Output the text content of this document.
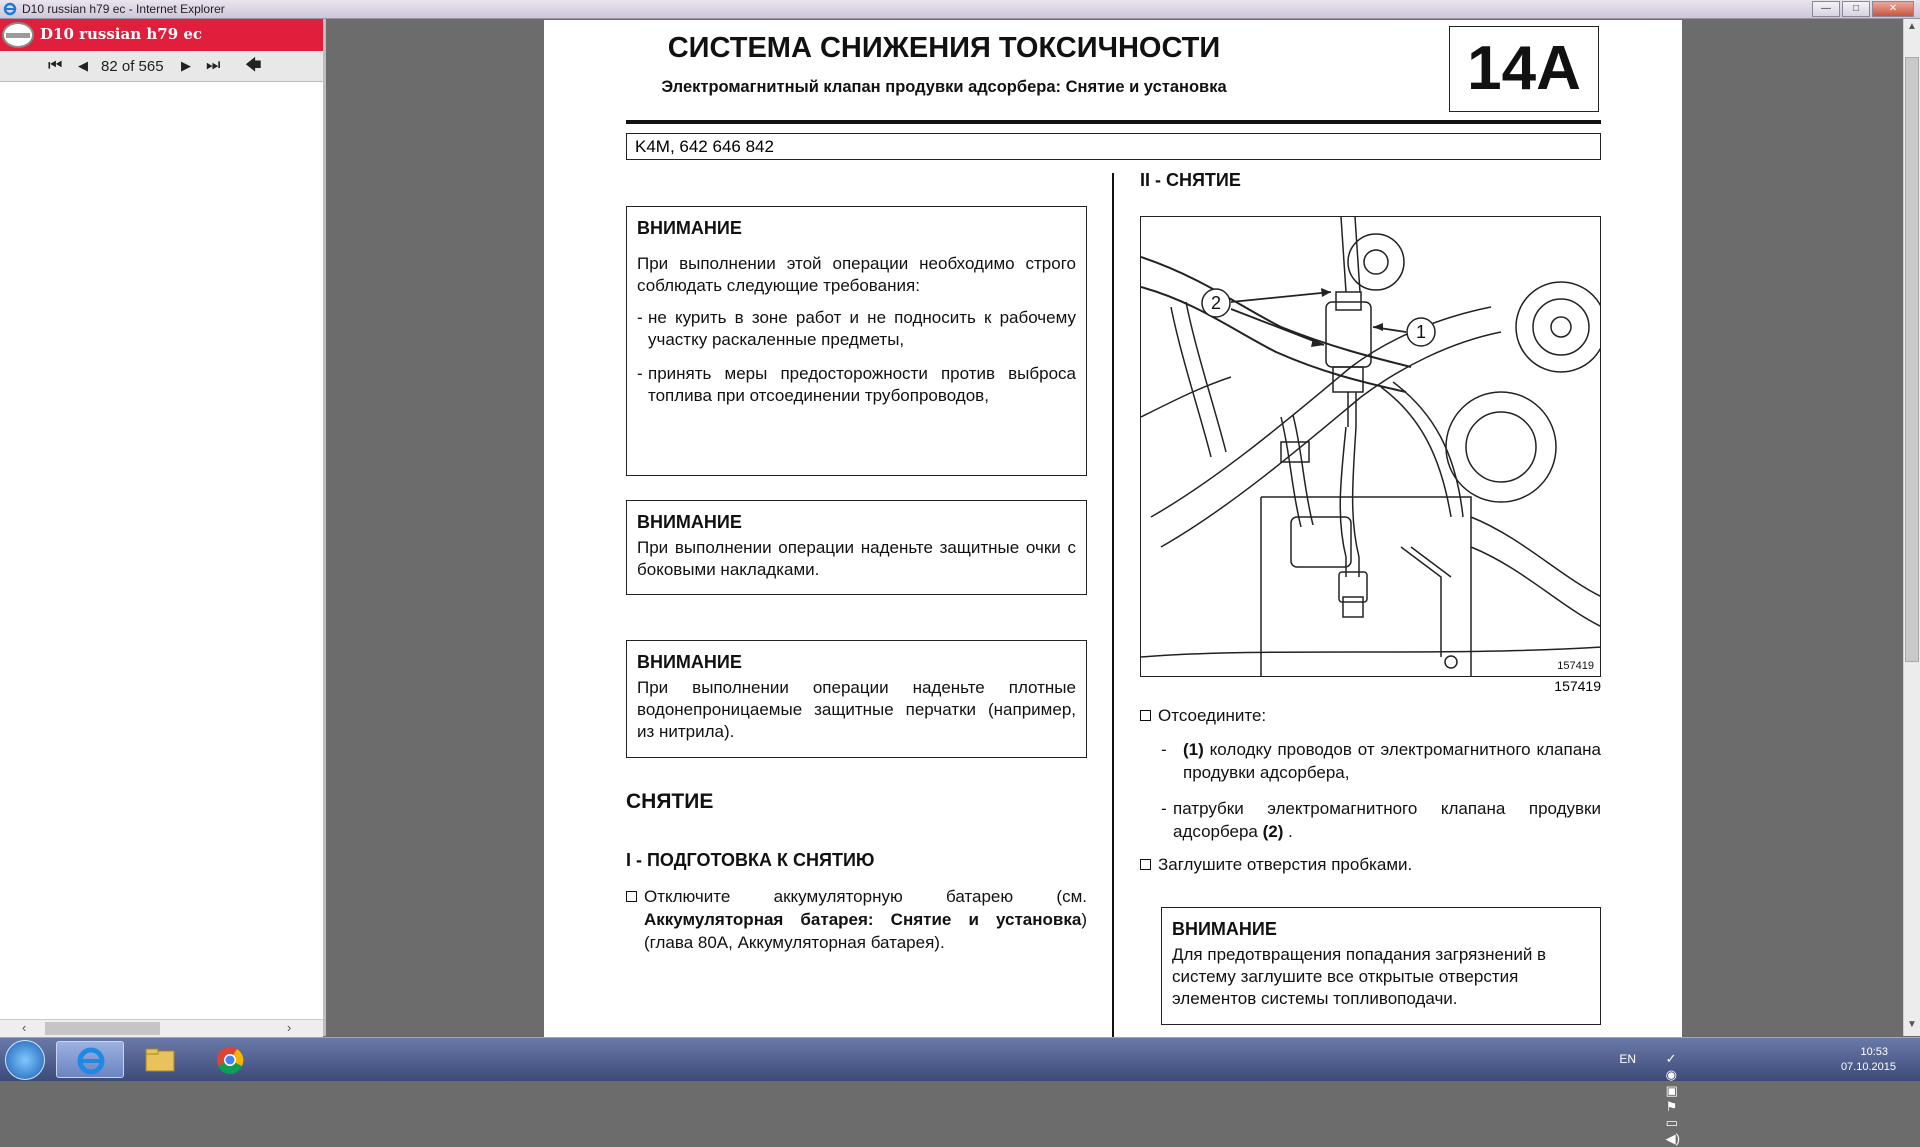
D10 russian h79 ec - Internet Explorer	—	□	✕
D10 russian h79 ec
⏮ ◀ 82 of 565 ▶ ⏭ 🡄
‹	›
СИСТЕМА СНИЖЕНИЯ ТОКСИЧНОСТИ
Электромагнитный клапан продувки адсорбера: Снятие и установка	14A
K4M, 642 646 842
ВНИМАНИЕ
При выполнении этой операции необходимо строго соблюдать следующие требования:
- не курить в зоне работ и не подносить к рабочему участку раскаленные предметы,
- принять меры предосторожности против выброса топлива при отсоединении трубопроводов,
ВНИМАНИЕ
При выполнении операции наденьте защитные очки с боковыми накладками.
ВНИМАНИЕ
При выполнении операции наденьте плотные водонепроницаемые защитные перчатки (например, из нитрила).
СНЯТИЕ
I - ПОДГОТОВКА К СНЯТИЮ
Отключите аккумуляторную батарею (см. Аккумуляторная батарея: Снятие и установка) (глава 80A, Аккумуляторная батарея).
II - СНЯТИЕ
2
1
157419
157419
Отсоедините:
- (1) колодку проводов от электромагнитного клапана продувки адсорбера,
- патрубки электромагнитного клапана продувки адсорбера (2) .
Заглушите отверстия пробками.
ВНИМАНИЕ
Для предотвращения попадания загрязнений в систему заглушите все открытые отверстия элементов системы топливоподачи.
▲
▼
EN ✓ ◉ ▣ ⚑ ▭ ◀)
10:53
07.10.2015
